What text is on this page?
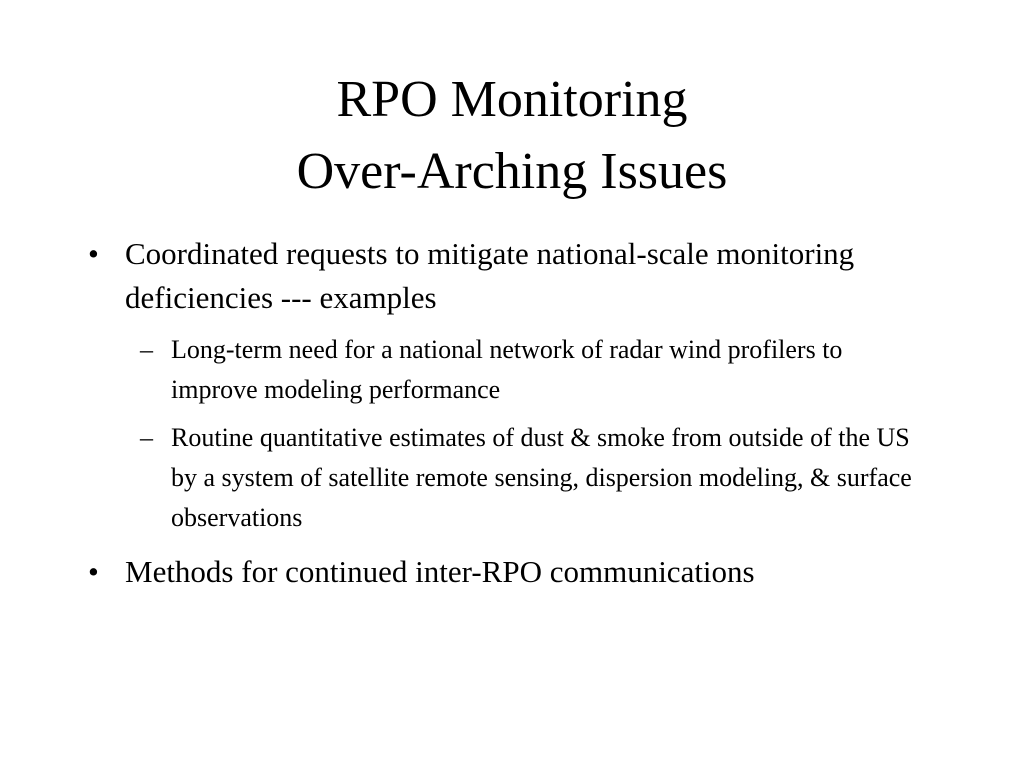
RPO Monitoring
Over-Arching Issues

• Coordinated requests to mitigate national-scale monitoring deficiencies --- examples

– Long-term need for a national network of radar wind profilers to improve modeling performance

– Routine quantitative estimates of dust & smoke from outside of the US by a system of satellite remote sensing, dispersion modeling, & surface observations

• Methods for continued inter-RPO communications
